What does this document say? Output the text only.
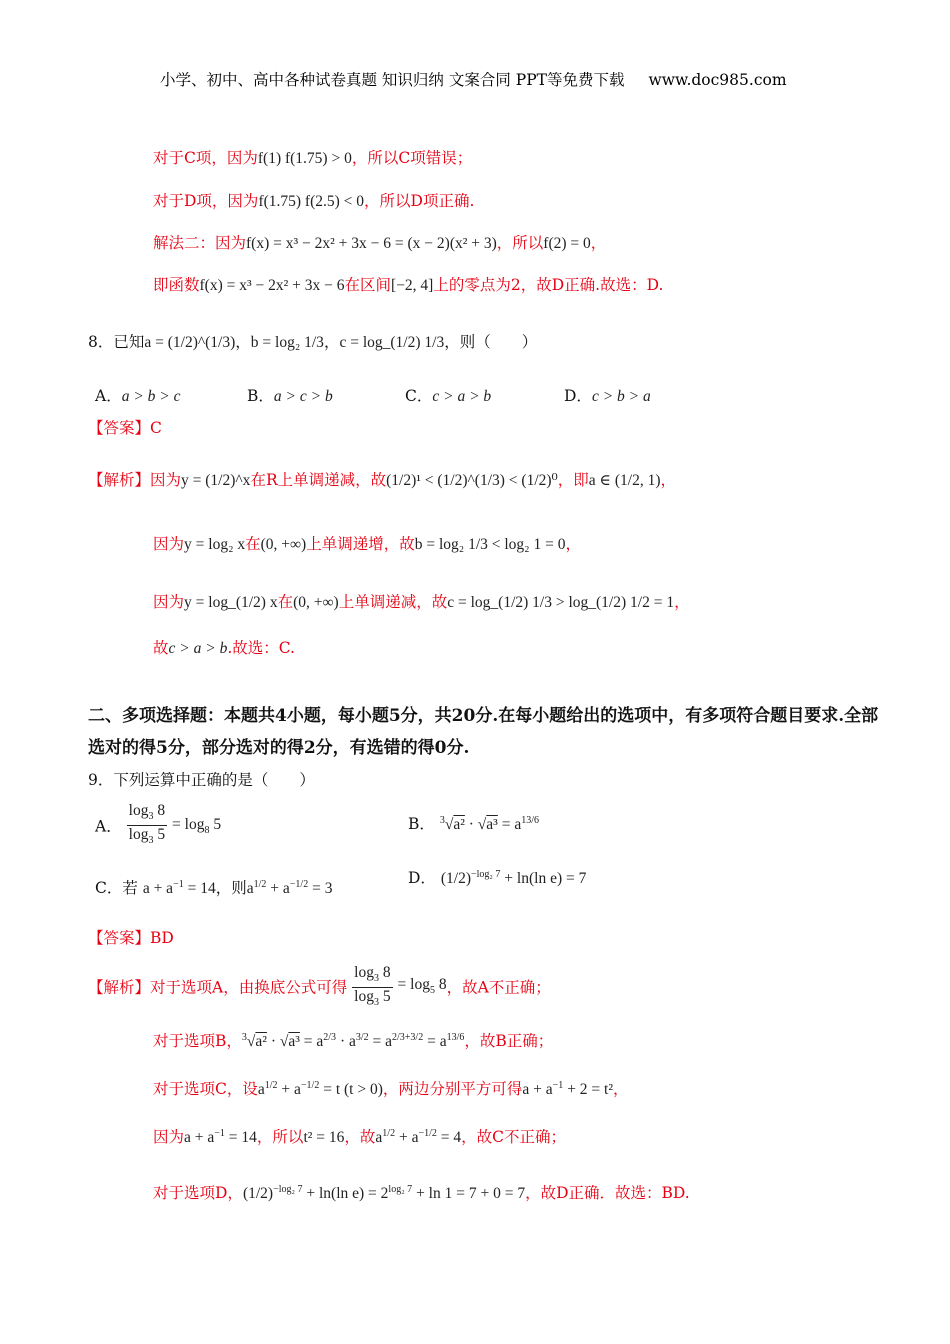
小学、初中、高中各种试卷真题 知识归纳 文案合同 PPT等免费下载 www.doc985.com
对于C项，因为f(1) f(1.75) > 0，所以C项错误；
对于D项，因为f(1.75) f(2.5) < 0，所以D项正确.
解法二：因为f(x) = x³ − 2x² + 3x − 6 = (x − 2)(x² + 3)，所以f(2) = 0，
即函数f(x) = x³ − 2x² + 3x − 6在区间[−2, 4]上的零点为2，故D正确.故选：D.
8．已知a = (1/2)^(1/3)，b = log₂ 1/3，c = log_(1/2) 1/3，则（　　）
A．a > b > c	B．a > c > b	C．c > a > b	D．c > b > a
【答案】C
【解析】因为y = (1/2)^x在R上单调递减，故(1/2)¹ < (1/2)^(1/3) < (1/2)⁰，即a ∈ (1/2, 1)，
因为y = log₂ x在(0, +∞)上单调递增，故b = log₂ 1/3 < log₂ 1 = 0，
因为y = log_(1/2) x在(0, +∞)上单调递减，故c = log_(1/2) 1/3 > log_(1/2) 1/2 = 1，
故c > a > b.故选：C.
二、多项选择题：本题共4小题，每小题5分，共20分.在每小题给出的选项中，有多项符合题目要求.全部选对的得5分，部分选对的得2分，有选错的得0分.
9．下列运算中正确的是（　　）
A． $\frac{\log_3 8}{\log_3 5} = \log_8 5$	B． $^3√a^2 \cdot √a^3 = a^{13/6}$
C．若 $a + a^{-1} = 14$，则$a^{1/2} + a^{-1/2} = 3$
D． $(1/2)^{-log_2 7} + \ln(\ln$ e) = 7
【答案】BD
【解析】对于选项A，由换底公式可得 $\frac{\log_3 8}{\log_3 5} = \log_5 8$，故A不正确；
对于选项B，$^3√a^2 \cdot √a^3 = a^{2/3} \cdot a^{3/2} = a^{2/3+3/2} = a^{13/6}$，故B正确；
对于选项C，设$a^{1/2} + a^{-1/2} = t$ (t > 0)，两边分别平方可得$a + a^{-1} + 2 = t^2$，
因为$a + a^{-1} = 14$，所以t² = 16，故$a^{1/2} + a^{-1/2} = 4$，故C不正确；
对于选项D，$(1/2)^{-log_2 7} + \ln(\ln$ $e) = 2^{log_2 7} + \ln 1 = 7 + 0 = 7$，故D正确．故选：BD.
